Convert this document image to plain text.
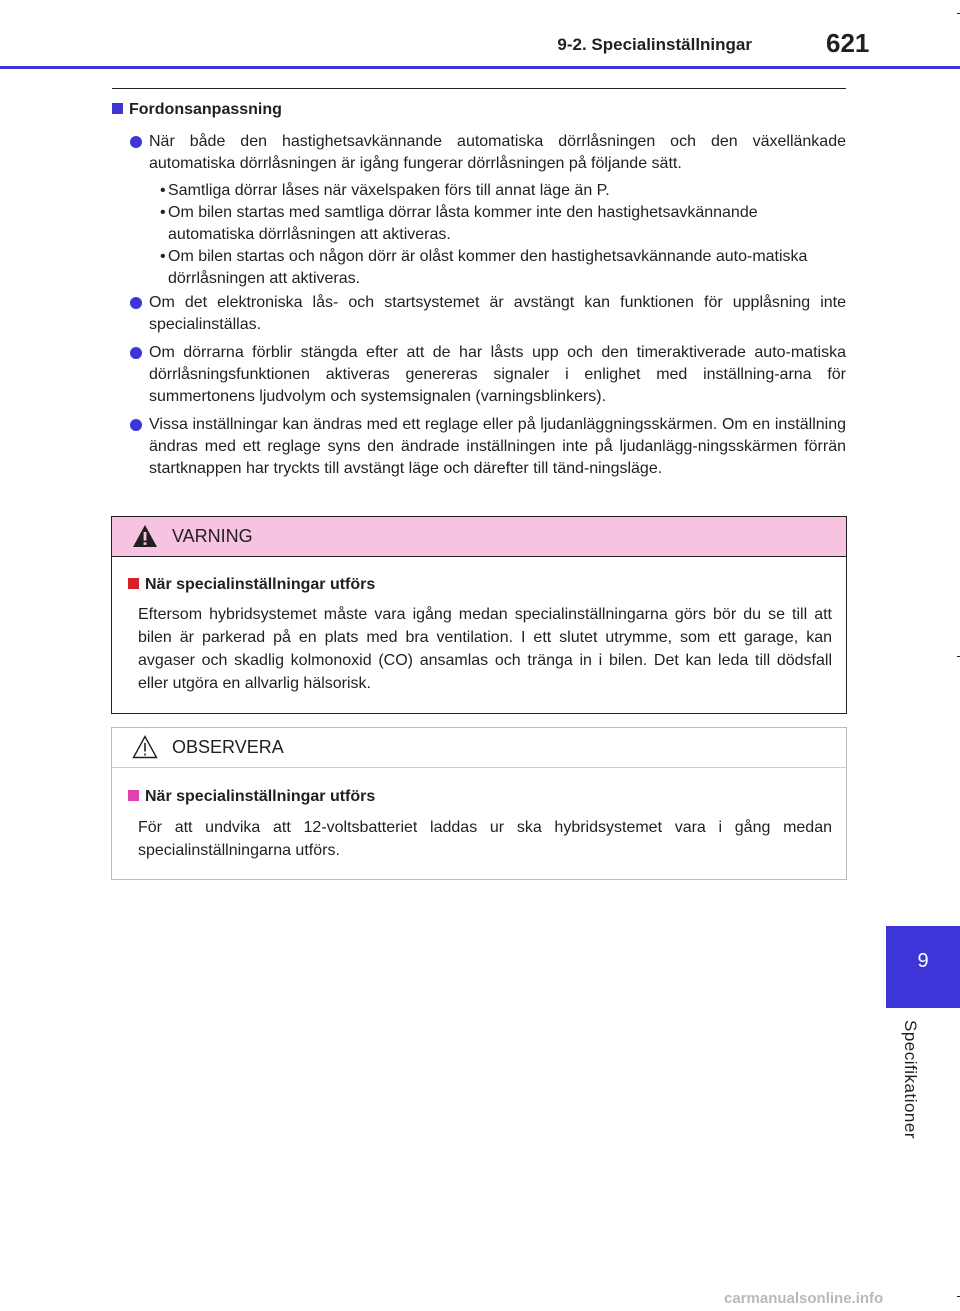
9-2. Specialinställningar	621
Fordonsanpassning
När både den hastighetsavkännande automatiska dörrlåsningen och den växellänkade automatiska dörrlåsningen är igång fungerar dörrlåsningen på följande sätt.
• Samtliga dörrar låses när växelspaken förs till annat läge än P.
• Om bilen startas med samtliga dörrar låsta kommer inte den hastighetsavkännande automatiska dörrlåsningen att aktiveras.
• Om bilen startas och någon dörr är olåst kommer den hastighetsavkännande auto-matiska dörrlåsningen att aktiveras.
Om det elektroniska lås- och startsystemet är avstängt kan funktionen för upplåsning inte specialinställas.
Om dörrarna förblir stängda efter att de har låsts upp och den timeraktiverade auto-matiska dörrlåsningsfunktionen aktiveras genereras signaler i enlighet med inställning-arna för summertonens ljudvolym och systemsignalen (varningsblinkers).
Vissa inställningar kan ändras med ett reglage eller på ljudanläggningsskärmen. Om en inställning ändras med ett reglage syns den ändrade inställningen inte på ljudanlägg-ningsskärmen förrän startknappen har tryckts till avstängt läge och därefter till tänd-ningsläge.
VARNING
När specialinställningar utförs
Eftersom hybridsystemet måste vara igång medan specialinställningarna görs bör du se till att bilen är parkerad på en plats med bra ventilation. I ett slutet utrymme, som ett garage, kan avgaser och skadlig kolmonoxid (CO) ansamlas och tränga in i bilen. Det kan leda till dödsfall eller utgöra en allvarlig hälsorisk.
OBSERVERA
När specialinställningar utförs
För att undvika att 12-voltsbatteriet laddas ur ska hybridsystemet vara i gång medan specialinställningarna utförs.
9
Specifikationer
carmanualsonline.info
